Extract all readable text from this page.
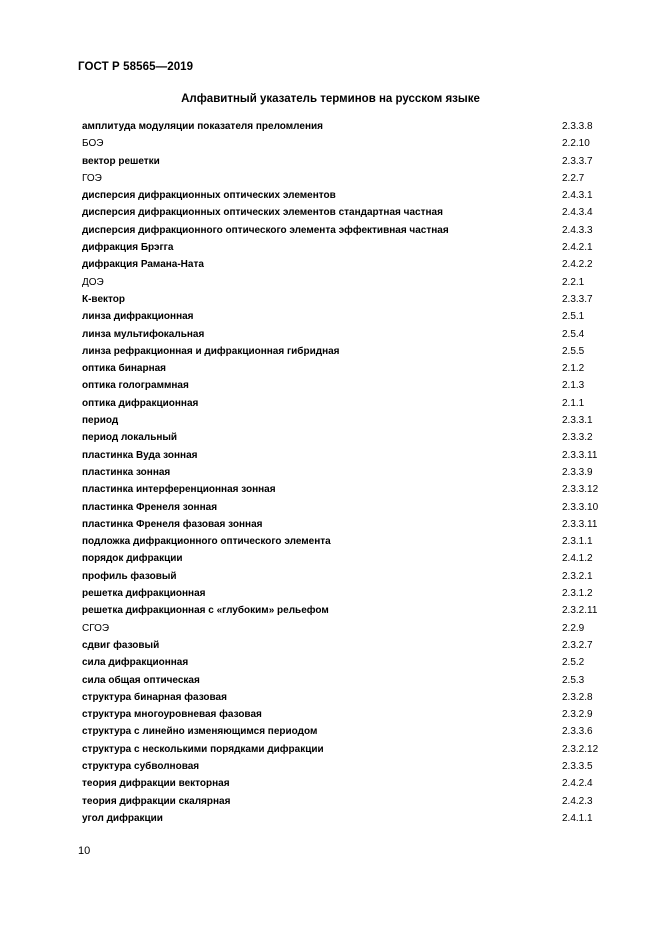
ГОСТ Р 58565—2019
Алфавитный указатель терминов на русском языке
амплитуда модуляции показателя преломления	2.3.3.8
БОЭ	2.2.10
вектор решетки	2.3.3.7
ГОЭ	2.2.7
дисперсия дифракционных оптических элементов	2.4.3.1
дисперсия дифракционных оптических элементов стандартная частная	2.4.3.4
дисперсия дифракционного оптического элемента эффективная частная	2.4.3.3
дифракция Брэгга	2.4.2.1
дифракция Рамана-Ната	2.4.2.2
ДОЭ	2.2.1
К-вектор	2.3.3.7
линза дифракционная	2.5.1
линза мультифокальная	2.5.4
линза рефракционная и дифракционная гибридная	2.5.5
оптика бинарная	2.1.2
оптика голограммная	2.1.3
оптика дифракционная	2.1.1
период	2.3.3.1
период локальный	2.3.3.2
пластинка Вуда зонная	2.3.3.11
пластинка зонная	2.3.3.9
пластинка интерференционная зонная	2.3.3.12
пластинка Френеля зонная	2.3.3.10
пластинка Френеля фазовая зонная	2.3.3.11
подложка дифракционного оптического элемента	2.3.1.1
порядок дифракции	2.4.1.2
профиль фазовый	2.3.2.1
решетка дифракционная	2.3.1.2
решетка дифракционная с «глубоким» рельефом	2.3.2.11
СГОЭ	2.2.9
сдвиг фазовый	2.3.2.7
сила дифракционная	2.5.2
сила общая оптическая	2.5.3
структура бинарная фазовая	2.3.2.8
структура многоуровневая фазовая	2.3.2.9
структура с линейно изменяющимся периодом	2.3.3.6
структура с несколькими порядками дифракции	2.3.2.12
структура субволновая	2.3.3.5
теория дифракции векторная	2.4.2.4
теория дифракции скалярная	2.4.2.3
угол дифракции	2.4.1.1
10
